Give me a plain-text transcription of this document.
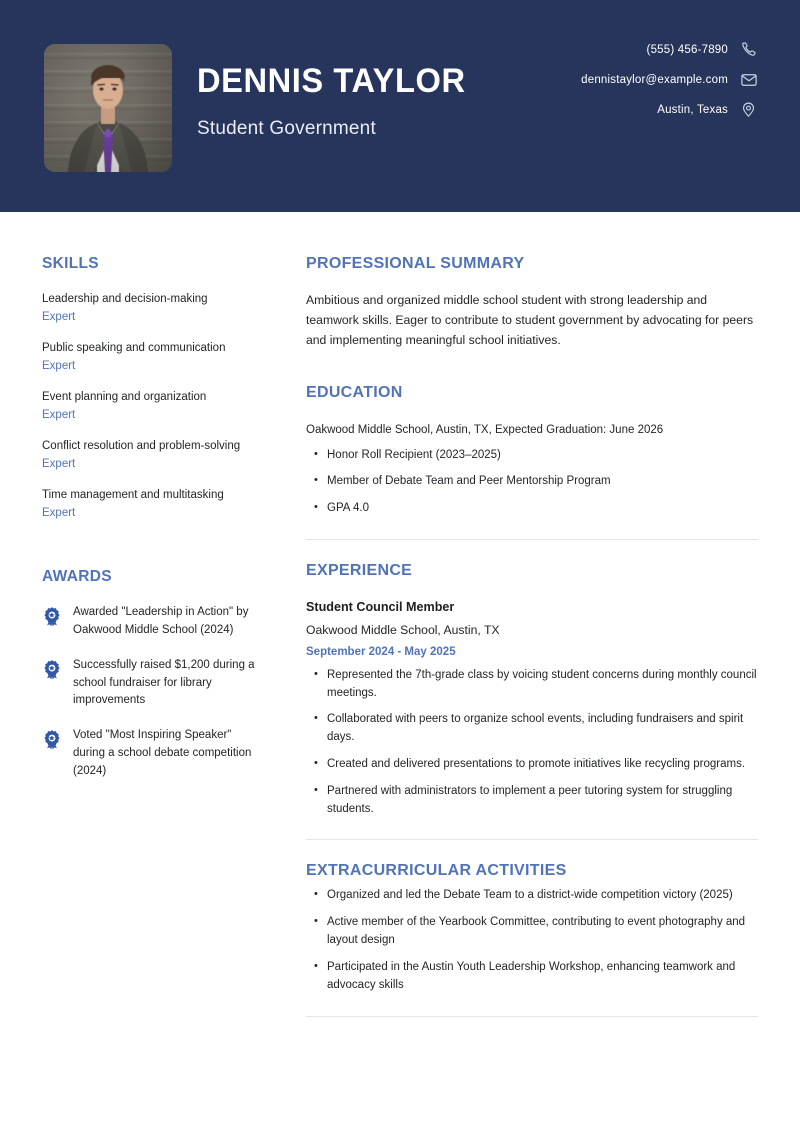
DENNIS TAYLOR
Student Government
(555) 456-7890
dennistaylor@example.com
Austin, Texas
SKILLS
Leadership and decision-making
Expert
Public speaking and communication
Expert
Event planning and organization
Expert
Conflict resolution and problem-solving
Expert
Time management and multitasking
Expert
AWARDS
Awarded "Leadership in Action" by Oakwood Middle School (2024)
Successfully raised $1,200 during a school fundraiser for library improvements
Voted "Most Inspiring Speaker" during a school debate competition (2024)
PROFESSIONAL SUMMARY

Ambitious and organized middle school student with strong leadership and teamwork skills. Eager to contribute to student government by advocating for peers and implementing meaningful school initiatives.

EDUCATION
Oakwood Middle School, Austin, TX, Expected Graduation: June 2026
• Honor Roll Recipient (2023–2025)
• Member of Debate Team and Peer Mentorship Program
• GPA 4.0
EXPERIENCE
Student Council Member
Oakwood Middle School, Austin, TX
September 2024 - May 2025
• Represented the 7th-grade class by voicing student concerns during monthly council meetings.
• Collaborated with peers to organize school events, including fundraisers and spirit days.
• Created and delivered presentations to promote initiatives like recycling programs.
• Partnered with administrators to implement a peer tutoring system for struggling students.
EXTRACURRICULAR ACTIVITIES
• Organized and led the Debate Team to a district-wide competition victory (2025)
• Active member of the Yearbook Committee, contributing to event photography and layout design
• Participated in the Austin Youth Leadership Workshop, enhancing teamwork and advocacy skills
